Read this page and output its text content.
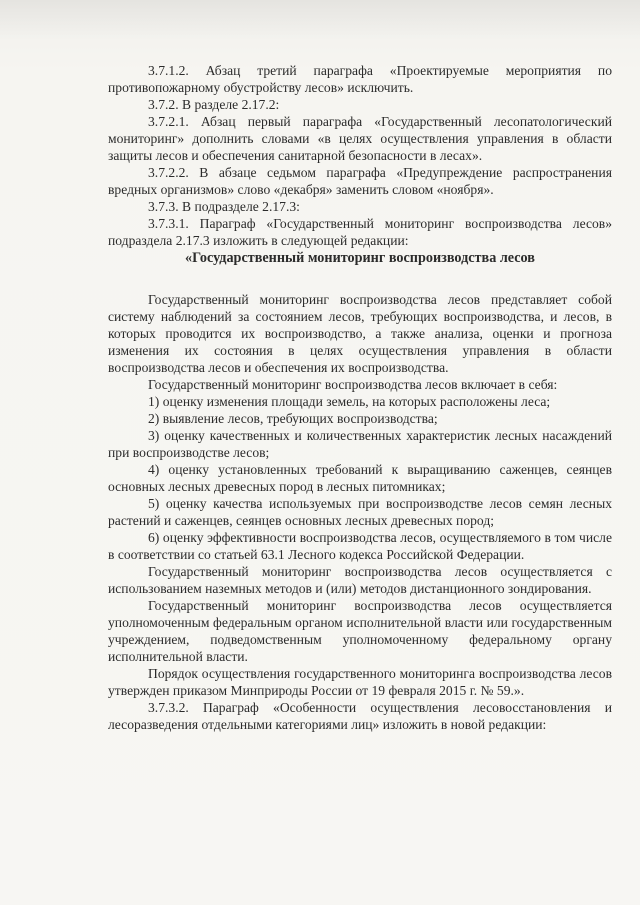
3.7.1.2. Абзац третий параграфа «Проектируемые мероприятия по противопожарному обустройству лесов» исключить.

3.7.2. В разделе 2.17.2:

3.7.2.1. Абзац первый параграфа «Государственный лесопатологический мониторинг» дополнить словами «в целях осуществления управления в области защиты лесов и обеспечения санитарной безопасности в лесах».

3.7.2.2. В абзаце седьмом параграфа «Предупреждение распространения вредных организмов» слово «декабря» заменить словом «ноября».

3.7.3. В подразделе 2.17.3:

3.7.3.1. Параграф «Государственный мониторинг воспроизводства лесов» подраздела 2.17.3 изложить в следующей редакции:

«Государственный мониторинг воспроизводства лесов

Государственный мониторинг воспроизводства лесов представляет собой систему наблюдений за состоянием лесов, требующих воспроизводства, и лесов, в которых проводится их воспроизводство, а также анализа, оценки и прогноза изменения их состояния в целях осуществления управления в области воспроизводства лесов и обеспечения их воспроизводства.

Государственный мониторинг воспроизводства лесов включает в себя:

1) оценку изменения площади земель, на которых расположены леса;

2) выявление лесов, требующих воспроизводства;

3) оценку качественных и количественных характеристик лесных насаждений при воспроизводстве лесов;

4) оценку установленных требований к выращиванию саженцев, сеянцев основных лесных древесных пород в лесных питомниках;

5) оценку качества используемых при воспроизводстве лесов семян лесных растений и саженцев, сеянцев основных лесных древесных пород;

6) оценку эффективности воспроизводства лесов, осуществляемого в том числе в соответствии со статьей 63.1 Лесного кодекса Российской Федерации.

Государственный мониторинг воспроизводства лесов осуществляется с использованием наземных методов и (или) методов дистанционного зондирования.

Государственный мониторинг воспроизводства лесов осуществляется уполномоченным федеральным органом исполнительной власти или государственным учреждением, подведомственным уполномоченному федеральному органу исполнительной власти.

Порядок осуществления государственного мониторинга воспроизводства лесов утвержден приказом Минприроды России от 19 февраля 2015 г. № 59.».

3.7.3.2. Параграф «Особенности осуществления лесовосстановления и лесоразведения отдельными категориями лиц» изложить в новой редакции:
